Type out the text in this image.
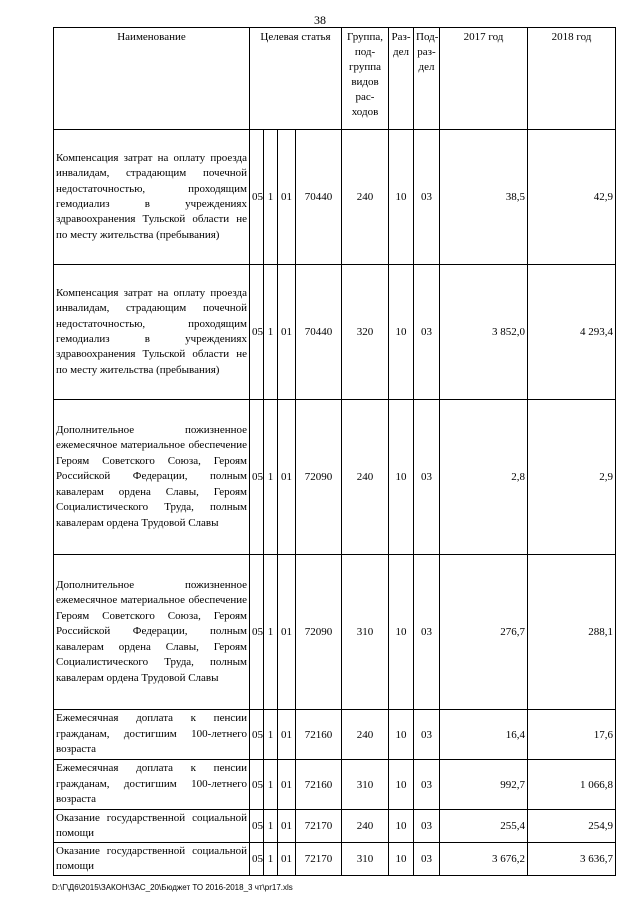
38
Наименование	Целевая статья				Группа, под- группа видов рас- ходов	Раз- дел	Под- раз- дел	2017 год	2018 год
Компенсация затрат на оплату проезда инвалидам, страдающим почечной недостаточностью, проходящим гемодиализ в учреждениях здравоохранения Тульской области не по месту жительства (пребывания)	05	1	01	70440	240	10	03	38,5	42,9
Компенсация затрат на оплату проезда инвалидам, страдающим почечной недостаточностью, проходящим гемодиализ в учреждениях здравоохранения Тульской области не по месту жительства (пребывания)	05	1	01	70440	320	10	03	3 852,0	4 293,4
Дополнительное пожизненное ежемесячное материальное обеспечение Героям Советского Союза, Героям Российской Федерации, полным кавалерам ордена Славы, Героям Социалистического Труда, полным кавалерам ордена Трудовой Славы	05	1	01	72090	240	10	03	2,8	2,9
Дополнительное пожизненное ежемесячное материальное обеспечение Героям Советского Союза, Героям Российской Федерации, полным кавалерам ордена Славы, Героям Социалистического Труда, полным кавалерам ордена Трудовой Славы	05	1	01	72090	310	10	03	276,7	288,1
Ежемесячная доплата к пенсии гражданам, достигшим 100-летнего возраста	05	1	01	72160	240	10	03	16,4	17,6
Ежемесячная доплата к пенсии гражданам, достигшим 100-летнего возраста	05	1	01	72160	310	10	03	992,7	1 066,8
Оказание государственной социальной помощи	05	1	01	72170	240	10	03	255,4	254,9
Оказание государственной социальной помощи	05	1	01	72170	310	10	03	3 676,2	3 636,7
D:\Г\Д6\2015\ЗАКОН\ЗАС_20\Бюджет ТО 2016-2018_3 чт\pr17.xls
